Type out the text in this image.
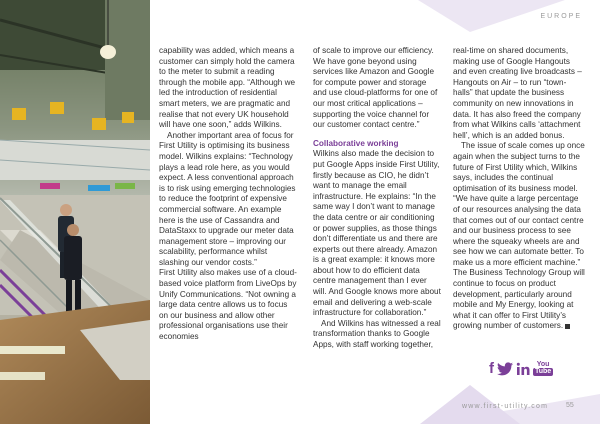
EUROPE

capability was added, which means a customer can simply hold the camera to the meter to submit a reading through the mobile app. “Although we led the introduction of residential smart meters, we are pragmatic and realise that not every UK household will have one soon,” adds Wilkins.

Another important area of focus for First Utility is optimising its business model. Wilkins explains: “Technology plays a lead role here, as you would expect. A less conventional approach is to risk using emerging technologies to reduce the footprint of expensive commercial software. An example here is the use of Cassandra and DataStaxx to upgrade our meter data management store – improving our scalability, performance whilst slashing our vendor costs.”

First Utility also makes use of a cloud-based voice platform from LiveOps by Unify Communications. “Not owning a large data centre allows us to focus on our business and allow other professional organisations use their economies

of scale to improve our efficiency. We have gone beyond using services like Amazon and Google for compute power and storage and use cloud-platforms for one of our most critical applications – supporting the voice channel for our customer contact centre.”

Collaborative working

Wilkins also made the decision to put Google Apps inside First Utility, firstly because as CIO, he didn’t want to manage the email infrastructure. He explains: “In the same way I don’t want to manage the data centre or air conditioning or power supplies, as those things don’t differentiate us and there are experts out there already. Amazon is a great example: it knows more about how to do efficient data centre management than I ever will. And Google knows more about email and delivering a web-scale infrastructure for collaboration.”

And Wilkins has witnessed a real transformation thanks to Google Apps, with staff working together,

real-time on shared documents, making use of Google Hangouts and even creating live broadcasts – Hangouts on Air – to run “town-halls” that update the business community on new innovations in data. It has also freed the company from what Wilkins calls ‘attachment hell’, which is an added bonus.

The issue of scale comes up once again when the subject turns to the future of First Utility which, Wilkins says, includes the continual optimisation of its business model. “We have quite a large percentage of our resources analysing the data that comes out of our contact centre and our business process to see where the squeaky wheels are and see how we can automate better. To make us a more efficient machine.” The Business Technology Group will continue to focus on product development, particularly around mobile and My Energy, looking at what it can offer to First Utility’s growing number of customers.

f	You
Tube
www.first-utility.com	55
